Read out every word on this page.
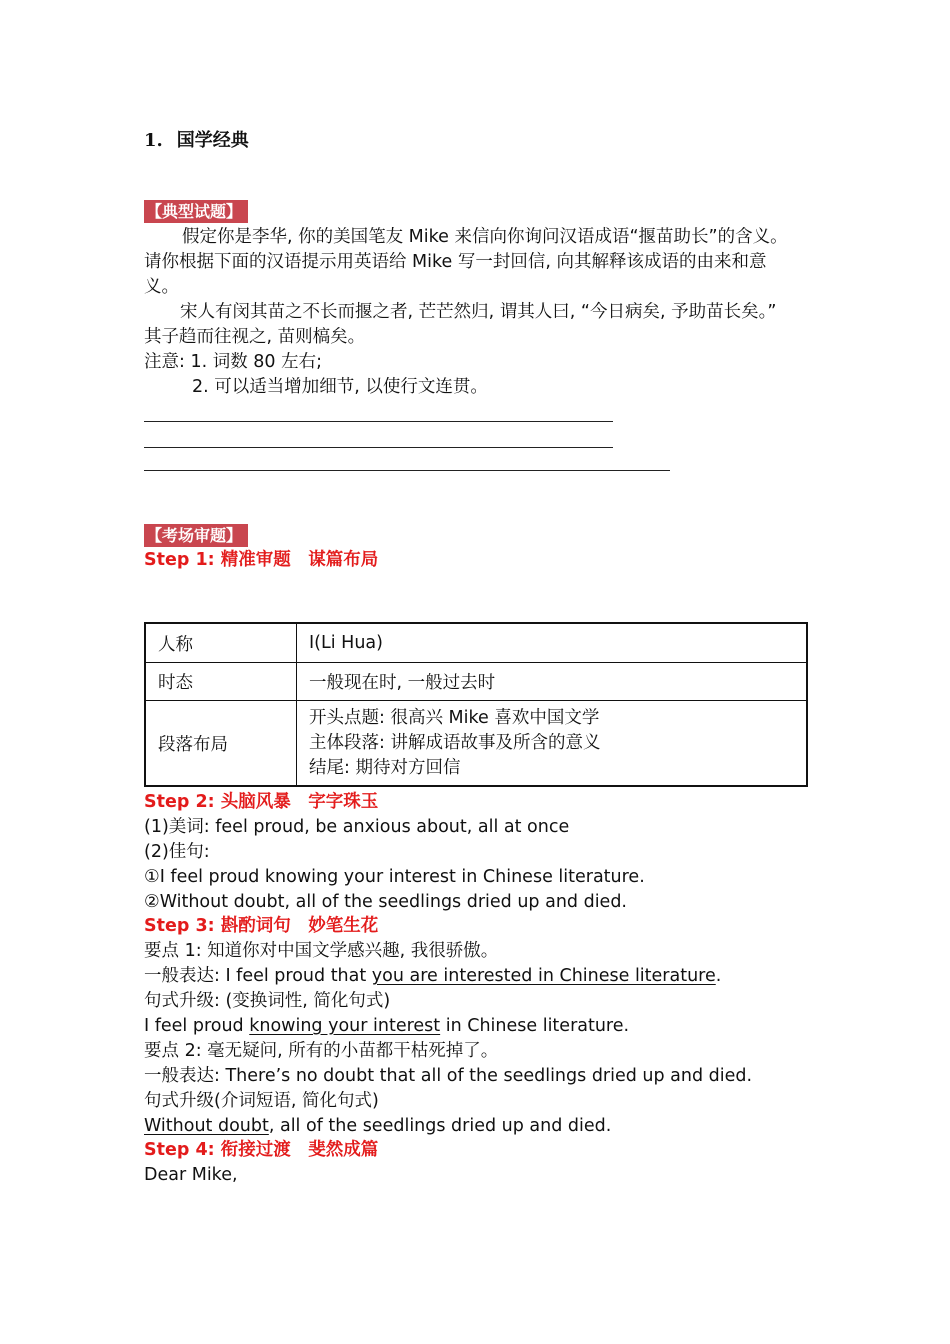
1. 国学经典
【典型试题】
假定你是李华, 你的美国笔友 Mike 来信向你询问汉语成语“揠苗助长”的含义。
请你根据下面的汉语提示用英语给 Mike 写一封回信, 向其解释该成语的由来和意
义。
宋人有闵其苗之不长而揠之者, 芒芒然归, 谓其人曰, “今日病矣, 予助苗长矣。”
其子趋而往视之, 苗则槁矣。
注意: 1. 词数 80 左右;
2. 可以适当增加细节, 以使行文连贯。
【考场审题】
Step 1: 精准审题　谋篇布局
人称	I(Li Hua)
时态	一般现在时, 一般过去时
段落布局	开头点题: 很高兴 Mike 喜欢中国文学
主体段落: 讲解成语故事及所含的意义
结尾: 期待对方回信
Step 2: 头脑风暴　字字珠玉
(1)美词: feel proud, be anxious about, all at once
(2)佳句:
①I feel proud knowing your interest in Chinese literature.
②Without doubt, all of the seedlings dried up and died.
Step 3: 斟酌词句　妙笔生花
要点 1: 知道你对中国文学感兴趣, 我很骄傲。
一般表达: I feel proud that you are interested in Chinese literature.
句式升级: (变换词性, 简化句式)
I feel proud knowing your interest in Chinese literature.
要点 2: 毫无疑问, 所有的小苗都干枯死掉了。
一般表达: There’s no doubt that all of the seedlings dried up and died.
句式升级(介词短语, 简化句式)
Without doubt, all of the seedlings dried up and died.
Step 4: 衔接过渡　斐然成篇
Dear Mike,
